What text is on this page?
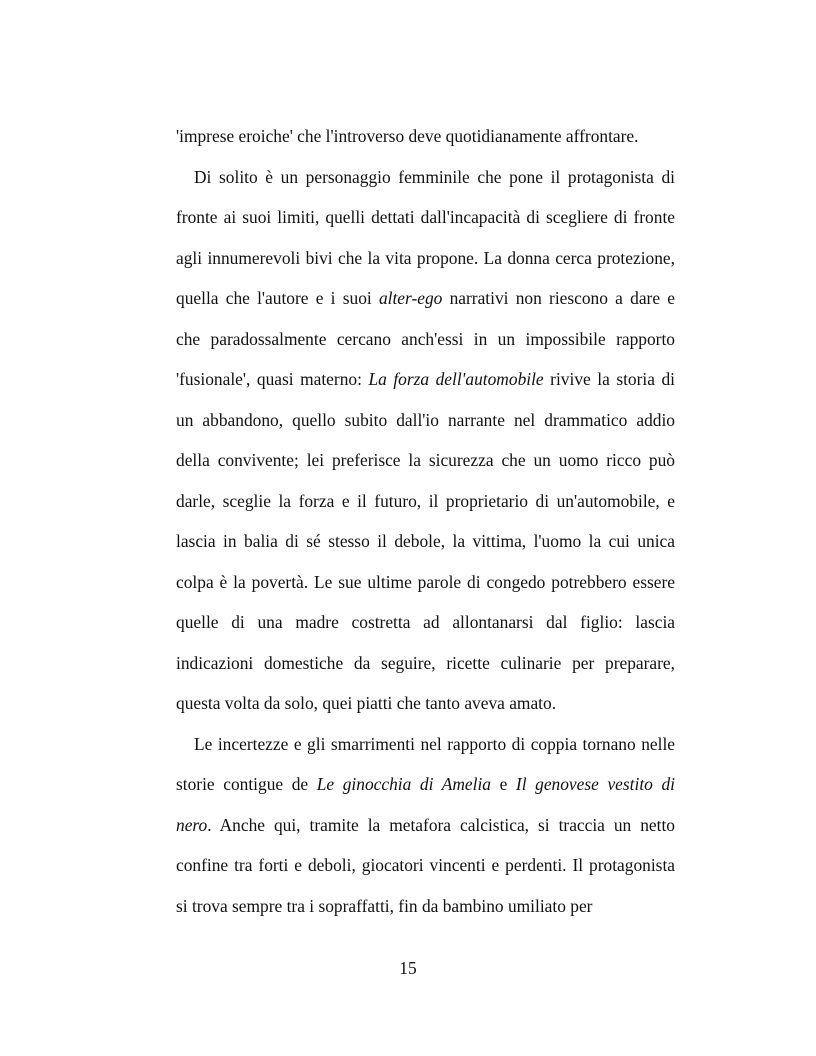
'imprese eroiche' che l'introverso deve quotidianamente affrontare.
Di solito è un personaggio femminile che pone il protagonista di
fronte ai suoi limiti, quelli dettati dall'incapacità di scegliere di fronte
agli innumerevoli bivi che la vita propone. La donna cerca protezione,
quella che l'autore e i suoi alter-ego narrativi non riescono a dare e
che paradossalmente cercano anch'essi in un impossibile rapporto
'fusionale', quasi materno: La forza dell'automobile rivive la storia di
un abbandono, quello subito dall'io narrante nel drammatico addio
della convivente; lei preferisce la sicurezza che un uomo ricco può
darle, sceglie la forza e il futuro, il proprietario di un'automobile, e
lascia in balia di sé stesso il debole, la vittima, l'uomo la cui unica
colpa è la povertà. Le sue ultime parole di congedo potrebbero essere
quelle di una madre costretta ad allontanarsi dal figlio: lascia
indicazioni domestiche da seguire, ricette culinarie per preparare,
questa volta da solo, quei piatti che tanto aveva amato.
Le incertezze e gli smarrimenti nel rapporto di coppia tornano nelle
storie contigue de Le ginocchia di Amelia e Il genovese vestito di
nero. Anche qui, tramite la metafora calcistica, si traccia un netto
confine tra forti e deboli, giocatori vincenti e perdenti. Il protagonista
si trova sempre tra i sopraffatti, fin da bambino umiliato per
15
